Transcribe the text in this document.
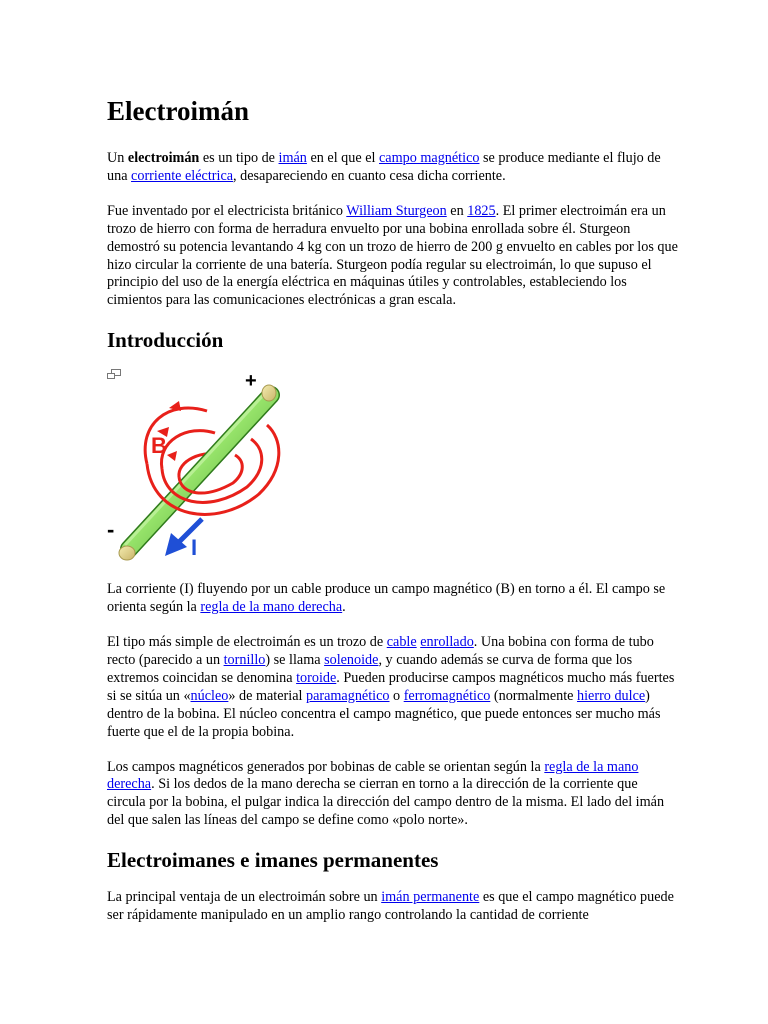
Electroimán

Un electroimán es un tipo de imán en el que el campo magnético se produce mediante el flujo de una corriente eléctrica, desapareciendo en cuanto cesa dicha corriente.

Fue inventado por el electricista británico William Sturgeon en 1825. El primer electroimán era un trozo de hierro con forma de herradura envuelto por una bobina enrollada sobre él. Sturgeon demostró su potencia levantando 4 kg con un trozo de hierro de 200 g envuelto en cables por los que hizo circular la corriente de una batería. Sturgeon podía regular su electroimán, lo que supuso el principio del uso de la energía eléctrica en máquinas útiles y controlables, estableciendo los cimientos para las comunicaciones electrónicas a gran escala.

Introducción
+
-
B
I

La corriente (I) fluyendo por un cable produce un campo magnético (B) en torno a él. El campo se orienta según la regla de la mano derecha.

El tipo más simple de electroimán es un trozo de cable enrollado. Una bobina con forma de tubo recto (parecido a un tornillo) se llama solenoide, y cuando además se curva de forma que los extremos coincidan se denomina toroide. Pueden producirse campos magnéticos mucho más fuertes si se sitúa un «núcleo» de material paramagnético o ferromagnético (normalmente hierro dulce) dentro de la bobina. El núcleo concentra el campo magnético, que puede entonces ser mucho más fuerte que el de la propia bobina.

Los campos magnéticos generados por bobinas de cable se orientan según la regla de la mano derecha. Si los dedos de la mano derecha se cierran en torno a la dirección de la corriente que circula por la bobina, el pulgar indica la dirección del campo dentro de la misma. El lado del imán del que salen las líneas del campo se define como «polo norte».

Electroimanes e imanes permanentes

La principal ventaja de un electroimán sobre un imán permanente es que el campo magnético puede ser rápidamente manipulado en un amplio rango controlando la cantidad de corriente
